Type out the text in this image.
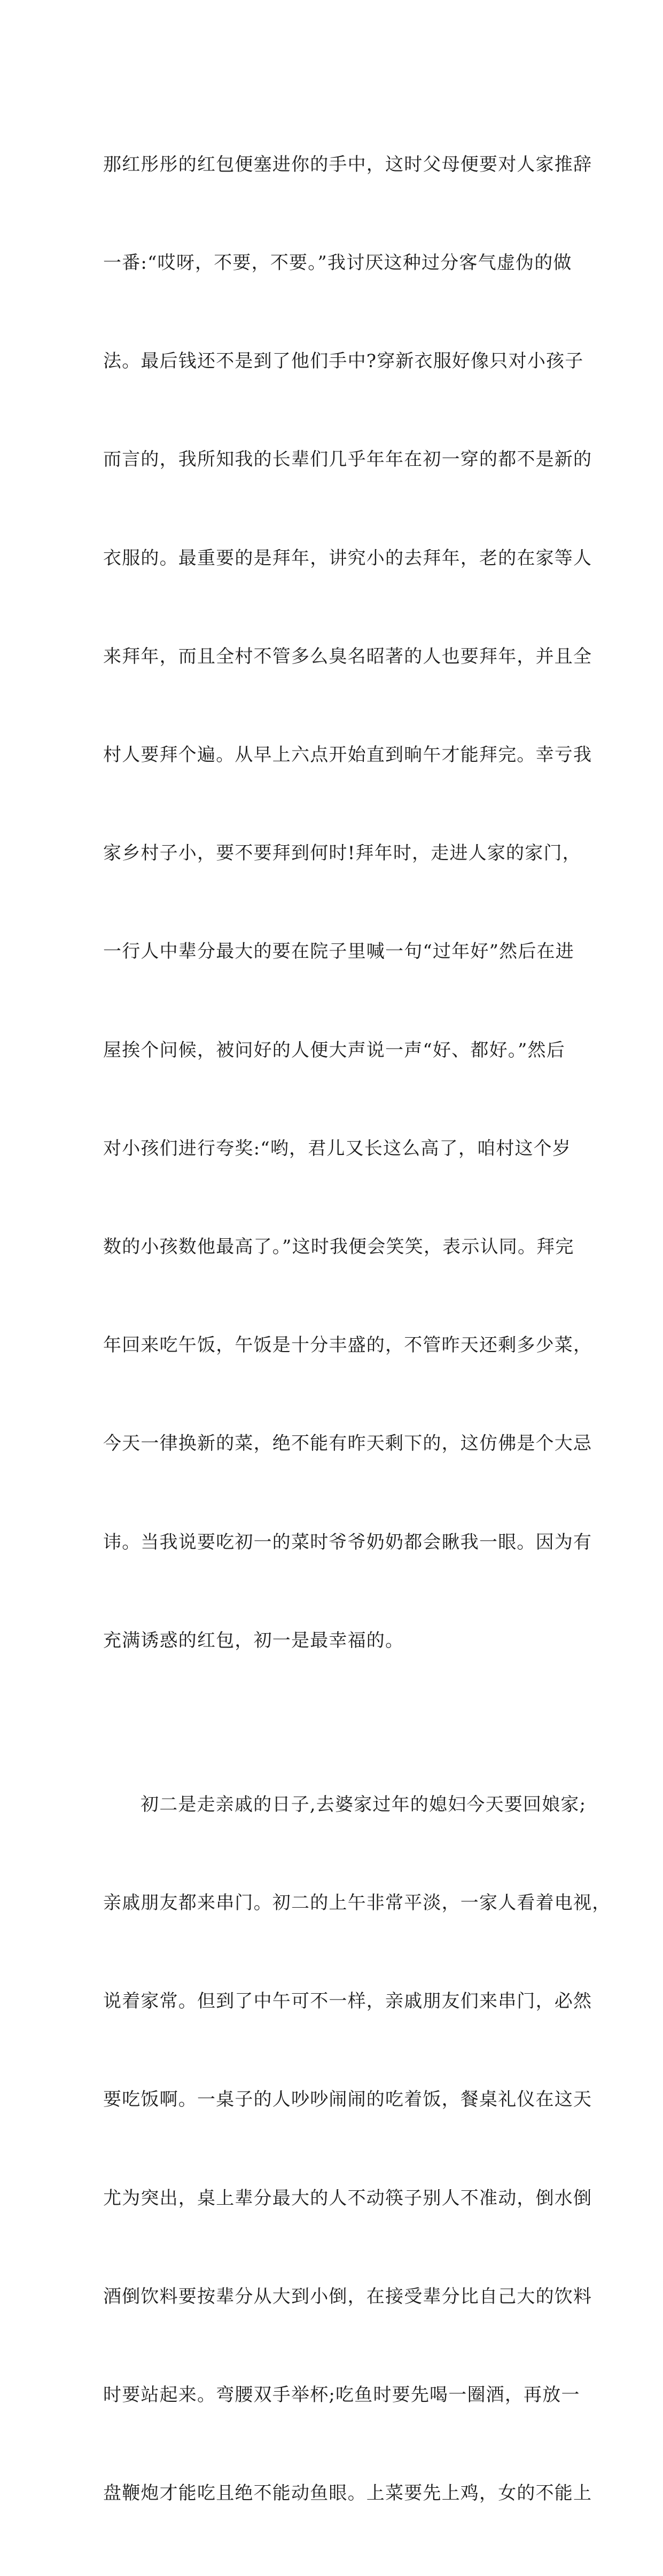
那红彤彤的红包便塞进你的手中，这时父母便要对人家推辞

一番:“哎呀，不要，不要。”我讨厌这种过分客气虚伪的做

法。最后钱还不是到了他们手中?穿新衣服好像只对小孩子

而言的，我所知我的长辈们几乎年年在初一穿的都不是新的

衣服的。最重要的是拜年，讲究小的去拜年，老的在家等人

来拜年，而且全村不管多么臭名昭著的人也要拜年，并且全

村人要拜个遍。从早上六点开始直到晌午才能拜完。幸亏我

家乡村子小，要不要拜到何时!拜年时，走进人家的家门，

一行人中辈分最大的要在院子里喊一句“过年好”然后在进

屋挨个问候，被问好的人便大声说一声“好、都好。”然后

对小孩们进行夸奖:“哟，君儿又长这么高了，咱村这个岁

数的小孩数他最高了。”这时我便会笑笑，表示认同。拜完

年回来吃午饭，午饭是十分丰盛的，不管昨天还剩多少菜，

今天一律换新的菜，绝不能有昨天剩下的，这仿佛是个大忌

讳。当我说要吃初一的菜时爷爷奶奶都会瞅我一眼。因为有

充满诱惑的红包，初一是最幸福的。

初二是走亲戚的日子,去婆家过年的媳妇今天要回娘家;

亲戚朋友都来串门。初二的上午非常平淡，一家人看着电视，

说着家常。但到了中午可不一样，亲戚朋友们来串门，必然

要吃饭啊。一桌子的人吵吵闹闹的吃着饭，餐桌礼仪在这天

尤为突出，桌上辈分最大的人不动筷子别人不准动，倒水倒

酒倒饮料要按辈分从大到小倒，在接受辈分比自己大的饮料

时要站起来。弯腰双手举杯;吃鱼时要先喝一圈酒，再放一

盘鞭炮才能吃且绝不能动鱼眼。上菜要先上鸡，女的不能上
